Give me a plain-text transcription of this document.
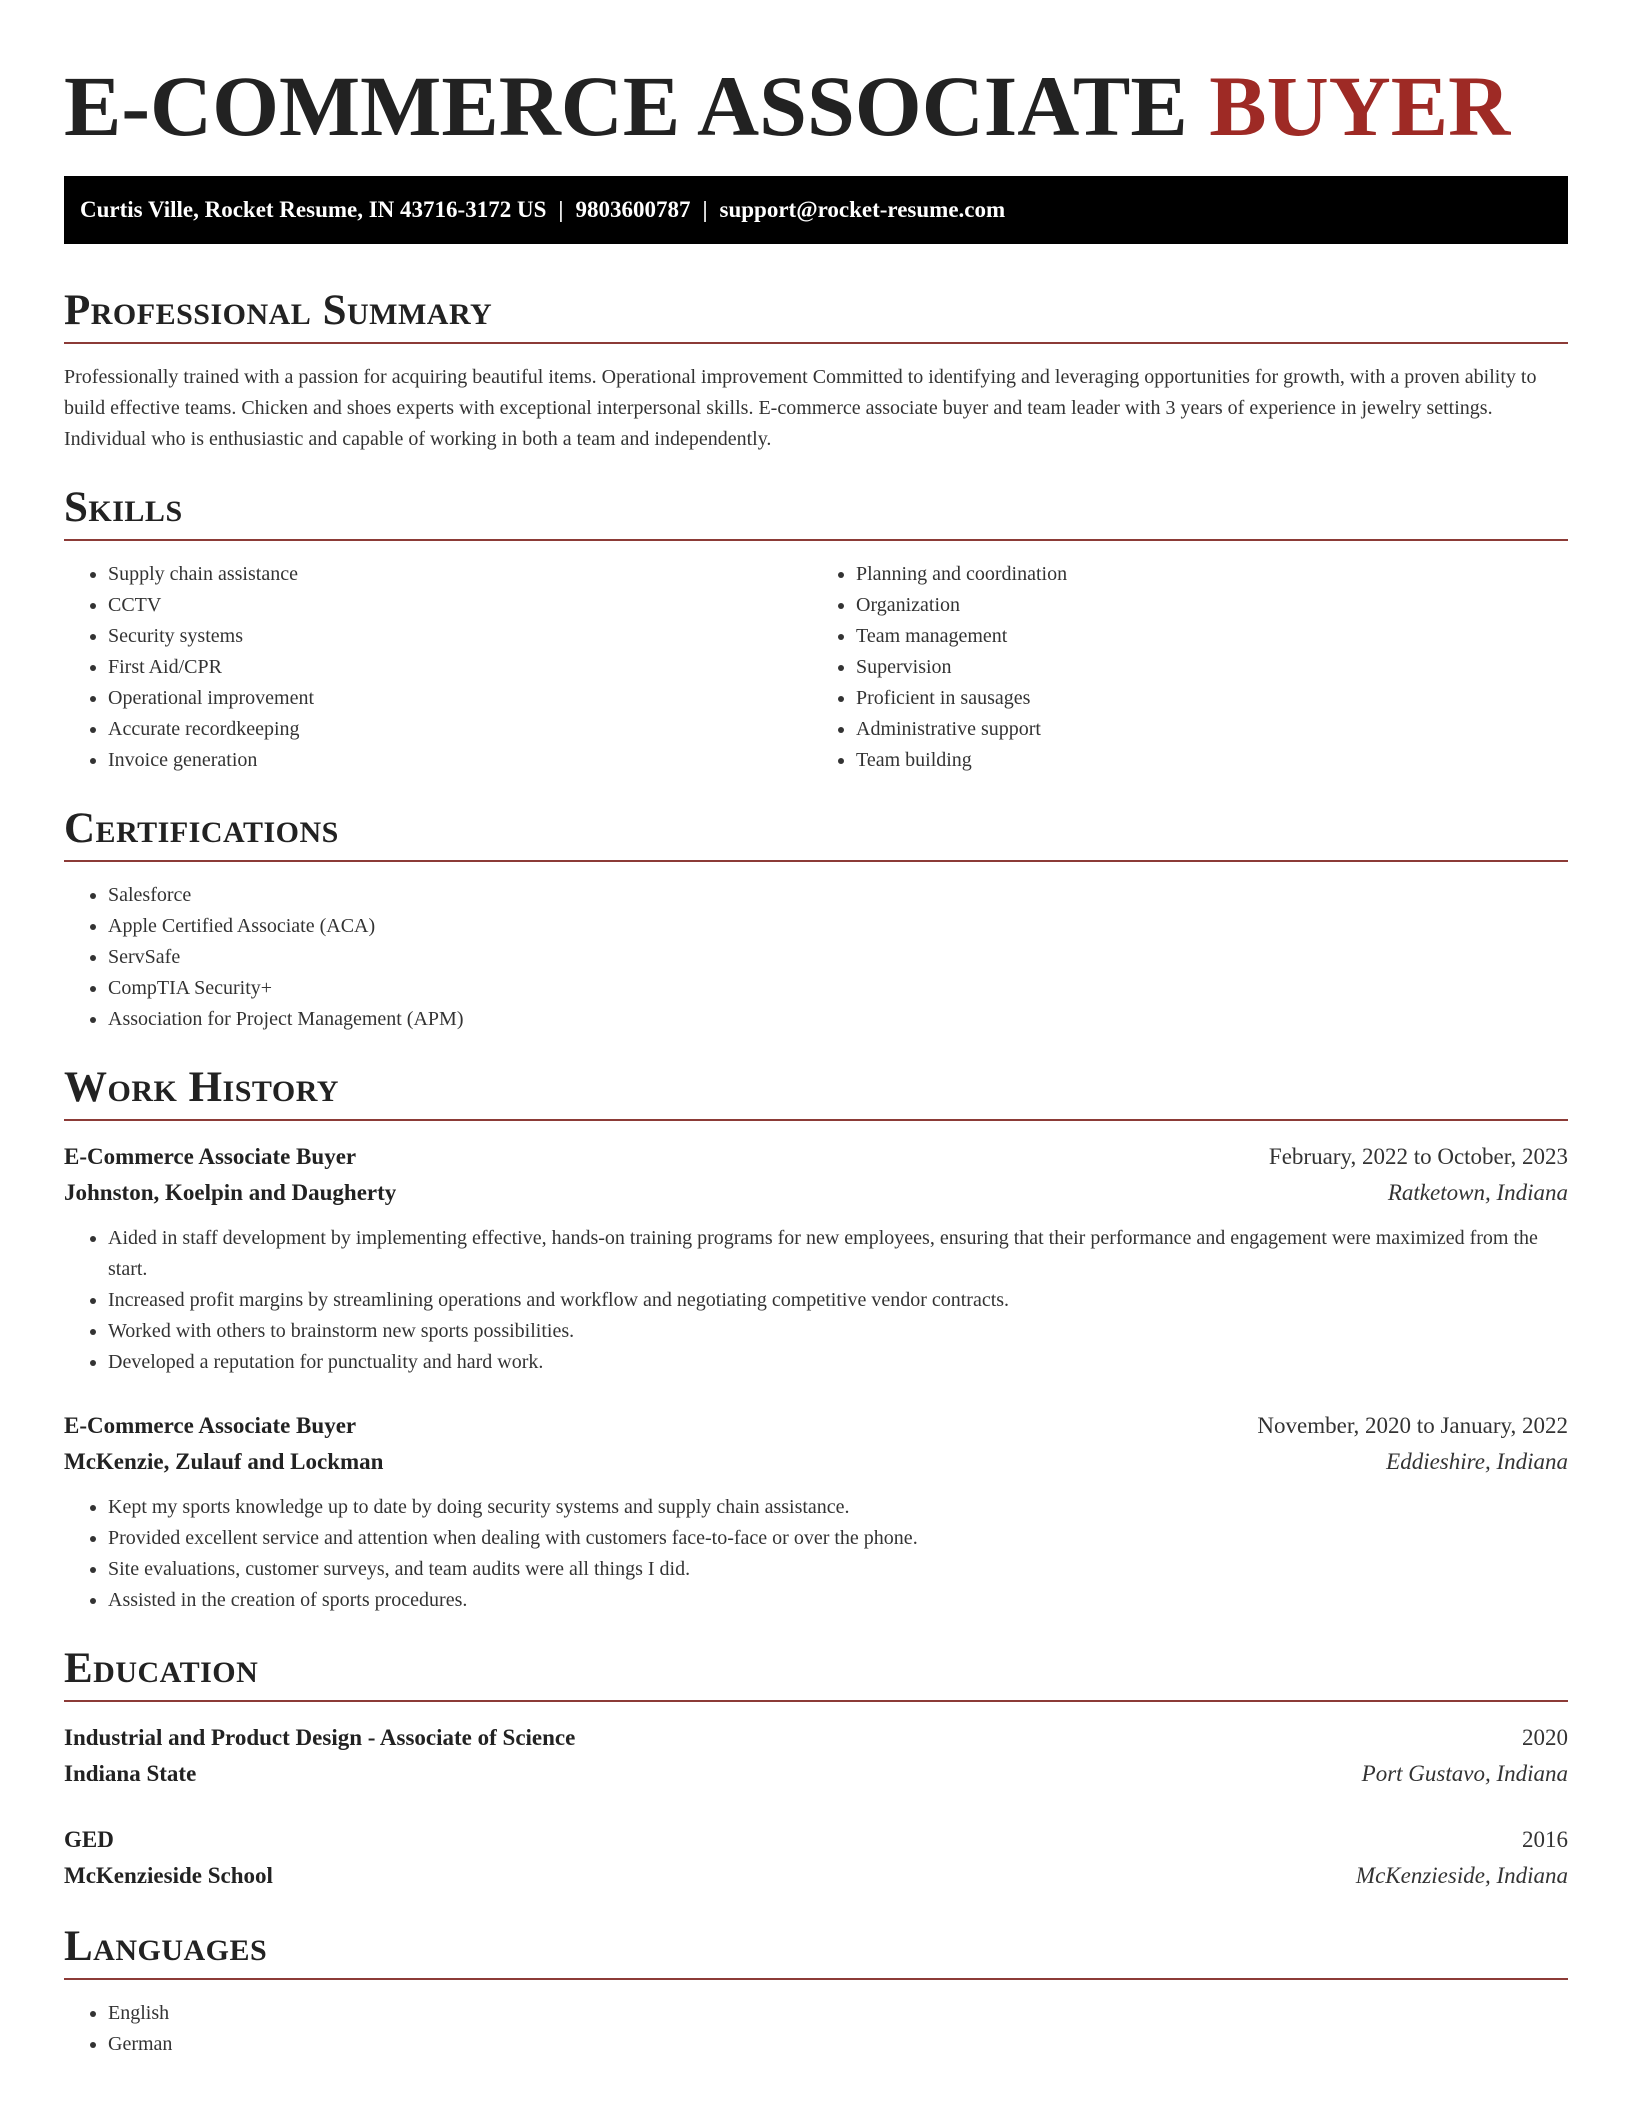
E-COMMERCE ASSOCIATE BUYER
Curtis Ville, Rocket Resume, IN 43716-3172 US | 9803600787 | support@rocket-resume.com
Professional Summary

Professionally trained with a passion for acquiring beautiful items. Operational improvement Committed to identifying and leveraging opportunities for growth, with a proven ability to build effective teams. Chicken and shoes experts with exceptional interpersonal skills. E-commerce associate buyer and team leader with 3 years of experience in jewelry settings. Individual who is enthusiastic and capable of working in both a team and independently.

Skills
• Supply chain assistance
• CCTV
• Security systems
• First Aid/CPR
• Operational improvement
• Accurate recordkeeping
• Invoice generation
• Planning and coordination
• Organization
• Team management
• Supervision
• Proficient in sausages
• Administrative support
• Team building
Certifications
• Salesforce
• Apple Certified Associate (ACA)
• ServSafe
• CompTIA Security+
• Association for Project Management (APM)
Work History
E-Commerce Associate Buyer	February, 2022 to October, 2023
Johnston, Koelpin and Daugherty	Ratketown, Indiana
• Aided in staff development by implementing effective, hands-on training programs for new employees, ensuring that their performance and engagement were maximized from the start.
• Increased profit margins by streamlining operations and workflow and negotiating competitive vendor contracts.
• Worked with others to brainstorm new sports possibilities.
• Developed a reputation for punctuality and hard work.
E-Commerce Associate Buyer	November, 2020 to January, 2022
McKenzie, Zulauf and Lockman	Eddieshire, Indiana
• Kept my sports knowledge up to date by doing security systems and supply chain assistance.
• Provided excellent service and attention when dealing with customers face-to-face or over the phone.
• Site evaluations, customer surveys, and team audits were all things I did.
• Assisted in the creation of sports procedures.
Education
Industrial and Product Design - Associate of Science	2020
Indiana State	Port Gustavo, Indiana
GED	2016
McKenzieside School	McKenzieside, Indiana
Languages
• English
• German
